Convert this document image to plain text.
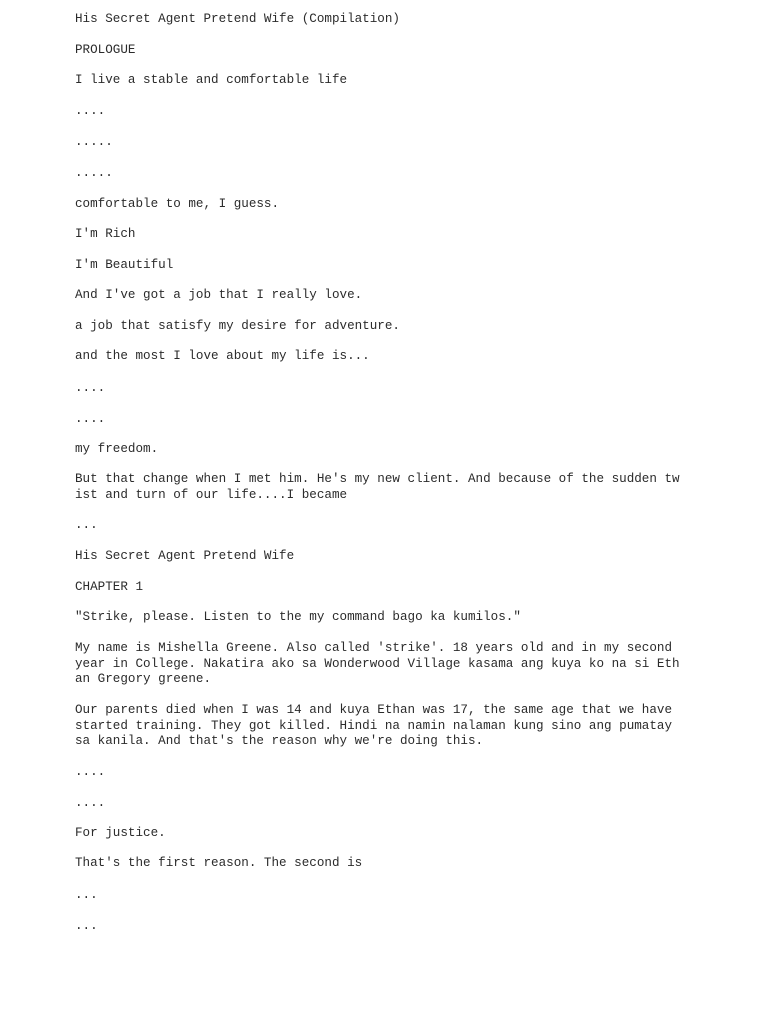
His Secret Agent Pretend Wife (Compilation)

PROLOGUE

I live a stable and comfortable life

....

.....

.....

comfortable to me, I guess.

I'm Rich

I'm Beautiful

And I've got a job that I really love.

a job that satisfy my desire for adventure.

and the most I love about my life is...

....

....

my freedom.

But that change when I met him. He's my new client. And because of the sudden tw
ist and turn of our life....I became

...

His Secret Agent Pretend Wife

CHAPTER 1

"Strike, please. Listen to the my command bago ka kumilos."

My name is Mishella Greene. Also called 'strike'. 18 years old and in my second
year in College. Nakatira ako sa Wonderwood Village kasama ang kuya ko na si Eth
an Gregory greene.

Our parents died when I was 14 and kuya Ethan was 17, the same age that we have
started training. They got killed. Hindi na namin nalaman kung sino ang pumatay
sa kanila. And that's the reason why we're doing this.

....

....

For justice.

That's the first reason. The second is

...

...
